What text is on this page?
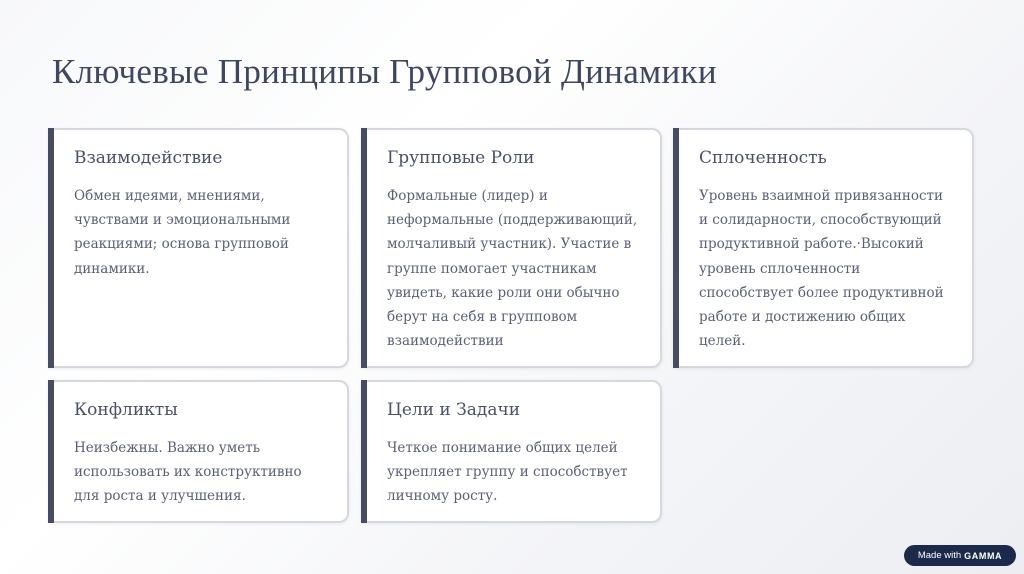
Ключевые Принципы Групповой Динамики
Взаимодействие
Обмен идеями, мнениями, чувствами и эмоциональными реакциями; основа групповой динамики.
Групповые Роли
Формальные (лидер) и неформальные (поддерживающий, молчаливый участник). Участие в группе помогает участникам увидеть, какие роли они обычно берут на себя в групповом взаимодействии
Сплоченность
Уровень взаимной привязанности и солидарности, способствующий продуктивной работе.·Высокий уровень сплоченности способствует более продуктивной работе и достижению общих целей.
Конфликты
Неизбежны. Важно уметь использовать их конструктивно для роста и улучшения.
Цели и Задачи
Четкое понимание общих целей укрепляет группу и способствует личному росту.
Made with GAMMA
